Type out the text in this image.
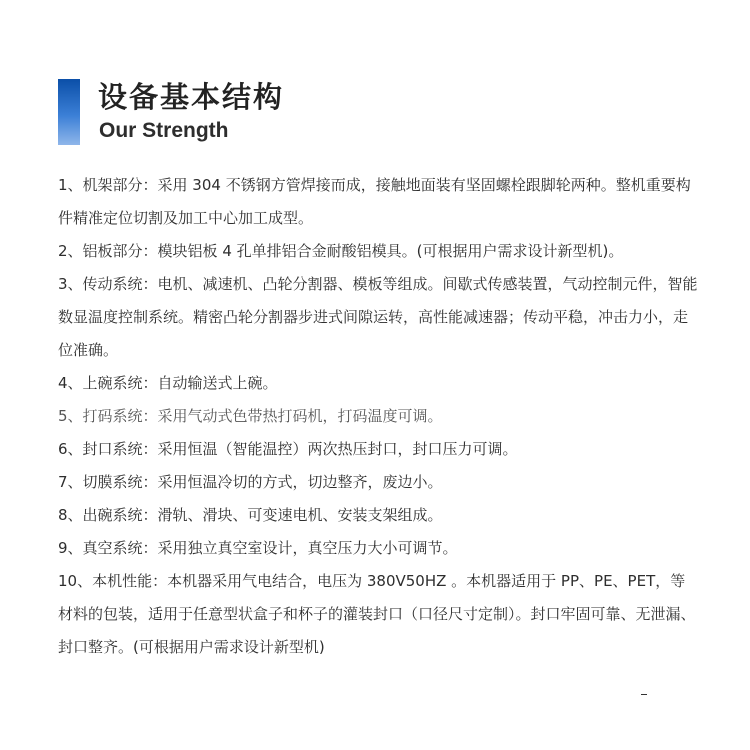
设备基本结构
Our Strength
1、机架部分：采用 304 不锈钢方管焊接而成，接触地面装有坚固螺栓跟脚轮两种。整机重要构件精准定位切割及加工中心加工成型。
2、铝板部分：模块铝板 4 孔单排铝合金耐酸铝模具。(可根据用户需求设计新型机)。
3、传动系统：电机、减速机、凸轮分割器、模板等组成。间歇式传感装置，气动控制元件，智能数显温度控制系统。精密凸轮分割器步进式间隙运转，高性能减速器；传动平稳，冲击力小，走位准确。
4、上碗系统：自动输送式上碗。
5、打码系统：采用气动式色带热打码机，打码温度可调。
6、封口系统：采用恒温（智能温控）两次热压封口，封口压力可调。
7、切膜系统：采用恒温冷切的方式，切边整齐，废边小。
8、出碗系统：滑轨、滑块、可变速电机、安装支架组成。
9、真空系统：采用独立真空室设计，真空压力大小可调节。
10、本机性能：本机器采用气电结合，电压为 380V50HZ 。本机器适用于 PP、PE、PET，等材料的包装，适用于任意型状盒子和杯子的灌装封口（口径尺寸定制）。封口牢固可靠、无泄漏、封口整齐。(可根据用户需求设计新型机)
